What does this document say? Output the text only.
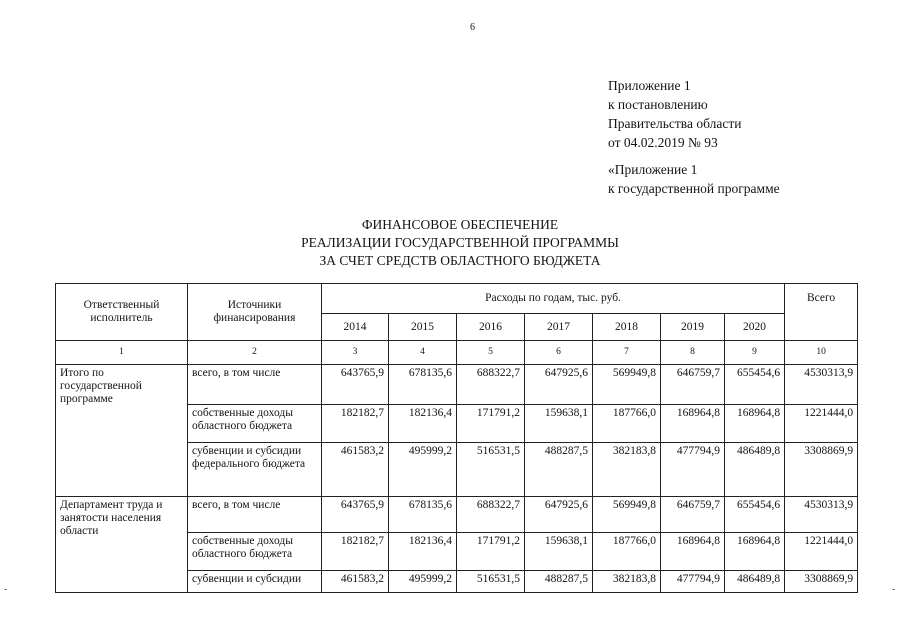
6
Приложение 1
к постановлению
Правительства области
от 04.02.2019 № 93
«Приложение 1
к государственной программе
ФИНАНСОВОЕ ОБЕСПЕЧЕНИЕ
РЕАЛИЗАЦИИ ГОСУДАРСТВЕННОЙ ПРОГРАММЫ
ЗА СЧЕТ СРЕДСТВ ОБЛАСТНОГО БЮДЖЕТА
Ответственный исполнитель	Источники финансирования	Расходы по годам, тыс. руб.							Всего
		2014	2015	2016	2017	2018	2019	2020	
1	2	3	4	5	6	7	8	9	10
Итого по государственной программе	всего, в том числе	643765,9	678135,6	688322,7	647925,6	569949,8	646759,7	655454,6	4530313,9
	собственные доходы областного бюджета	182182,7	182136,4	171791,2	159638,1	187766,0	168964,8	168964,8	1221444,0
	субвенции и субсидии федерального бюджета	461583,2	495999,2	516531,5	488287,5	382183,8	477794,9	486489,8	3308869,9
Департамент труда и занятости населения области	всего, в том числе	643765,9	678135,6	688322,7	647925,6	569949,8	646759,7	655454,6	4530313,9
	собственные доходы областного бюджета	182182,7	182136,4	171791,2	159638,1	187766,0	168964,8	168964,8	1221444,0
	субвенции и субсидии	461583,2	495999,2	516531,5	488287,5	382183,8	477794,9	486489,8	3308869,9
-	-
